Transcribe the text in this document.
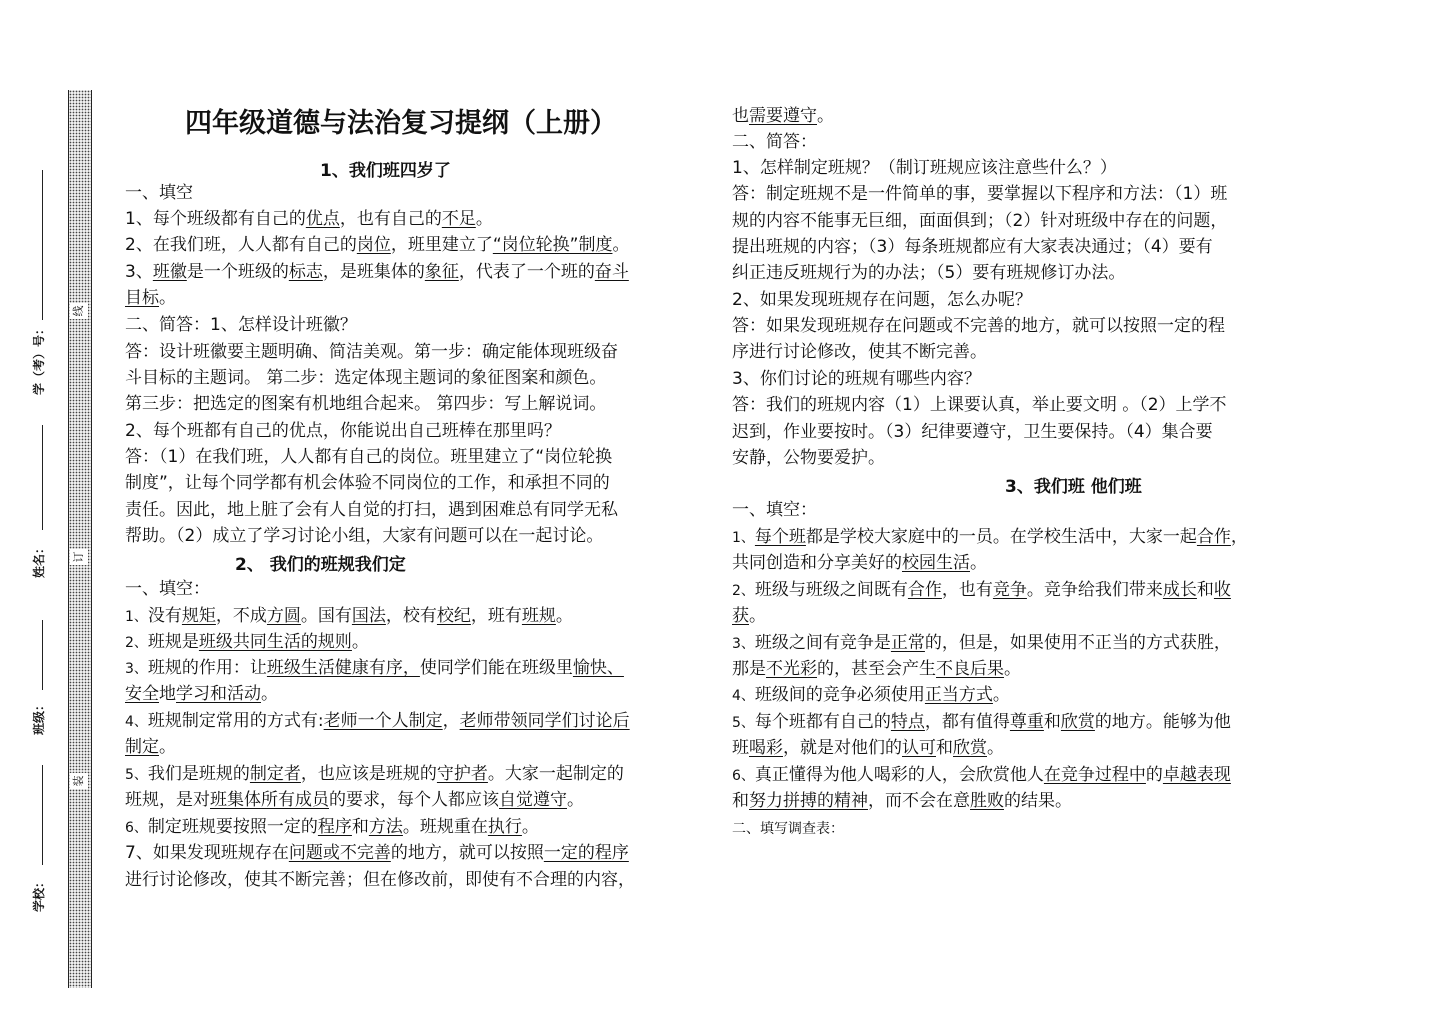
线
订
装
学（考）号：
姓名：
班级：
学校：
四年级道德与法治复习提纲（上册）
1、我们班四岁了
一、填空
1、每个班级都有自己的优点，也有自己的不足。
2、在我们班，人人都有自己的岗位，班里建立了“岗位轮换”制度。
3、班徽是一个班级的标志，是班集体的象征，代表了一个班的奋斗
目标。
二、简答：1、怎样设计班徽？
答：设计班徽要主题明确、简洁美观。第一步：确定能体现班级奋
斗目标的主题词。 第二步：选定体现主题词的象征图案和颜色。
第三步：把选定的图案有机地组合起来。 第四步：写上解说词。
2、每个班都有自己的优点，你能说出自己班棒在那里吗？
答：（1）在我们班，人人都有自己的岗位。班里建立了“岗位轮换
制度”，让每个同学都有机会体验不同岗位的工作，和承担不同的
责任。因此，地上脏了会有人自觉的打扫，遇到困难总有同学无私
帮助。（2）成立了学习讨论小组，大家有问题可以在一起讨论。
2、 我们的班规我们定
一、填空：
1、没有规矩，不成方圆。国有国法，校有校纪，班有班规。
2、班规是班级共同生活的规则。
3、班规的作用：让班级生活健康有序，使同学们能在班级里愉快、
安全地学习和活动。
4、班规制定常用的方式有:老师一个人制定，老师带领同学们讨论后
制定。
5、我们是班规的制定者，也应该是班规的守护者。大家一起制定的
班规，是对班集体所有成员的要求，每个人都应该自觉遵守。
6、制定班规要按照一定的程序和方法。班规重在执行。
7、如果发现班规存在问题或不完善的地方，就可以按照一定的程序
进行讨论修改，使其不断完善；但在修改前，即使有不合理的内容，
也需要遵守。
二、简答：
1、怎样制定班规？（制订班规应该注意些什么？）
答：制定班规不是一件简单的事，要掌握以下程序和方法：（1）班
规的内容不能事无巨细，面面俱到；（2）针对班级中存在的问题，
提出班规的内容；（3）每条班规都应有大家表决通过；（4）要有
纠正违反班规行为的办法；（5）要有班规修订办法。
2、如果发现班规存在问题，怎么办呢？
答：如果发现班规存在问题或不完善的地方，就可以按照一定的程
序进行讨论修改，使其不断完善。
3、你们讨论的班规有哪些内容？
答：我们的班规内容（1）上课要认真，举止要文明 。（2）上学不
迟到，作业要按时。（3）纪律要遵守，卫生要保持。（4）集合要
安静，公物要爱护。
3、我们班 他们班
一、填空：
1、每个班都是学校大家庭中的一员。在学校生活中，大家一起合作，
共同创造和分享美好的校园生活。
2、班级与班级之间既有合作，也有竞争。竞争给我们带来成长和收
获。
3、班级之间有竞争是正常的，但是，如果使用不正当的方式获胜，
那是不光彩的，甚至会产生不良后果。
4、班级间的竞争必须使用正当方式。
5、每个班都有自己的特点，都有值得尊重和欣赏的地方。能够为他
班喝彩，就是对他们的认可和欣赏。
6、真正懂得为他人喝彩的人，会欣赏他人在竞争过程中的卓越表现
和努力拼搏的精神，而不会在意胜败的结果。
二、填写调查表：
